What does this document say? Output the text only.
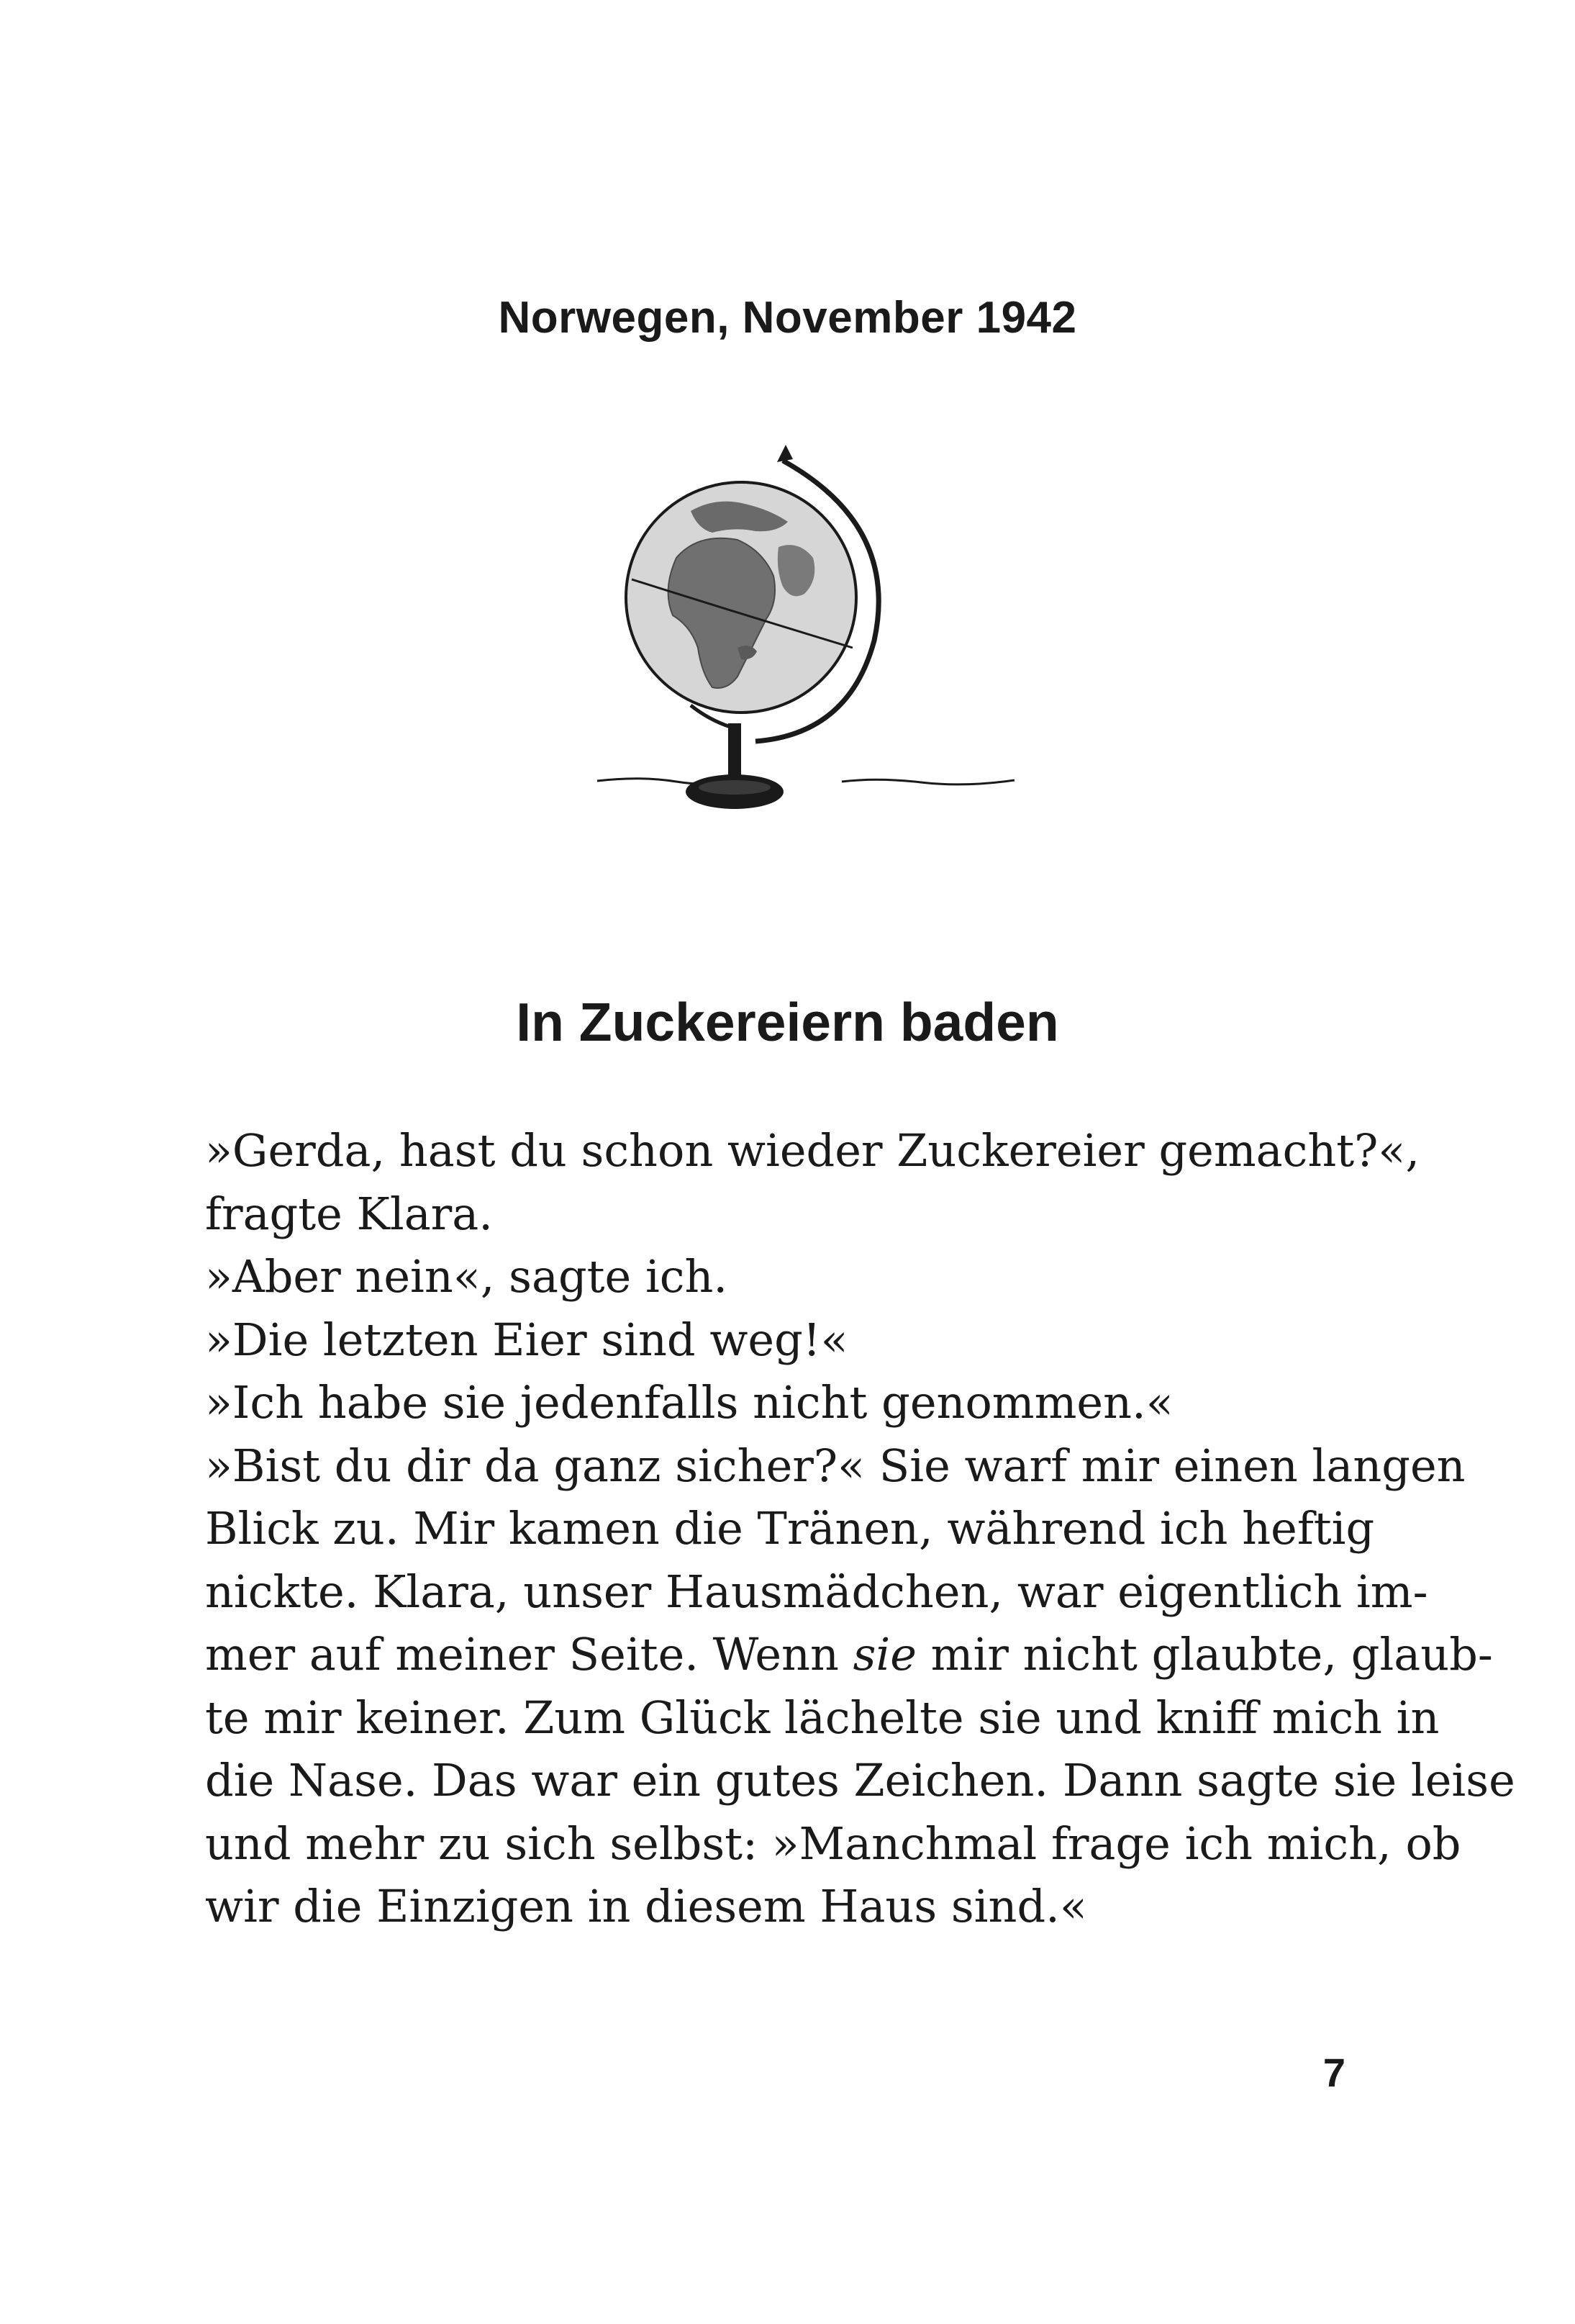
Norwegen, November 1942

In Zuckereiern baden

»Gerda, hast du schon wieder Zuckereier gemacht?«,

fragte Klara.

»Aber nein«, sagte ich.

»Die letzten Eier sind weg!«

»Ich habe sie jedenfalls nicht genommen.«

»Bist du dir da ganz sicher?« Sie warf mir einen langen

Blick zu. Mir kamen die Tränen, während ich heftig

nickte. Klara, unser Hausmädchen, war eigentlich im-

mer auf meiner Seite. Wenn sie mir nicht glaubte, glaub-

te mir keiner. Zum Glück lächelte sie und kniff mich in

die Nase. Das war ein gutes Zeichen. Dann sagte sie leise

und mehr zu sich selbst: »Manchmal frage ich mich, ob

wir die Einzigen in diesem Haus sind.«

7
